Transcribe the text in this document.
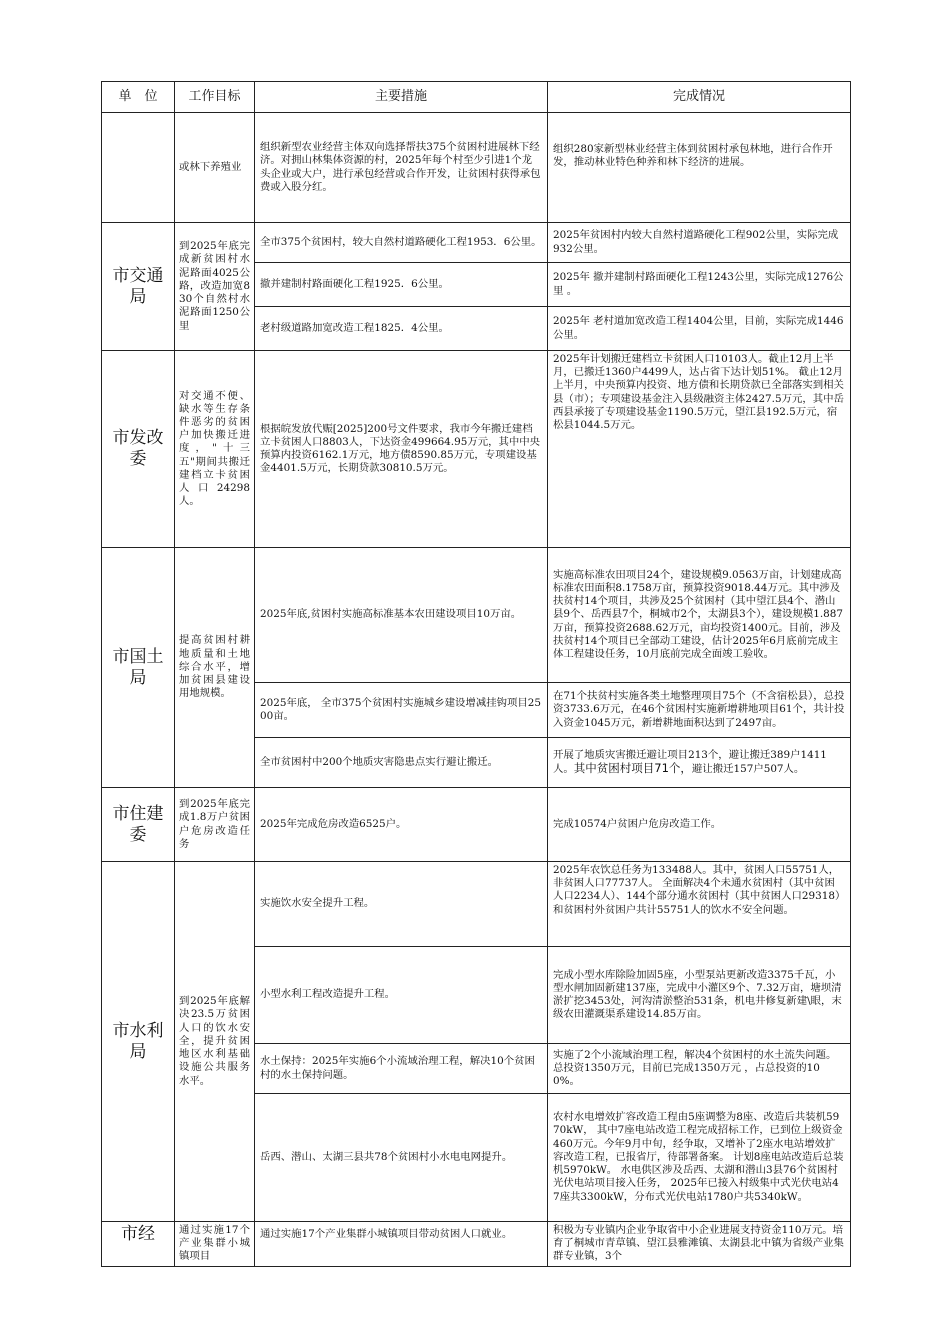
单　位	工作目标	主要措施	完成情况
	或林下养殖业	组织新型农业经营主体双向选择帮扶375个贫困村进展林下经济。对拥山林集体资源的村，2025年每个村至少引进1个龙头企业或大户，进行承包经营或合作开发，让贫困村获得承包费或入股分红。	组织280家新型林业经营主体到贫困村承包林地，进行合作开发，推动林业特色种养和林下经济的进展。
市交通局	到2025年底完成新贫困村水泥路面4025公路，改造加宽830个自然村水泥路面1250公里	全市375个贫困村，较大自然村道路硬化工程1953．6公里。	2025年贫困村内较大自然村道路硬化工程902公里，实际完成 932公里。
		撤并建制村路面硬化工程1925．6公里。	2025年 撤并建制村路面硬化工程1243公里，实际完成1276公里 。
		老村级道路加宽改造工程1825．4公里。	2025年 老村道加宽改造工程1404公里，目前，实际完成1446公里。
市发改委	对交通不便、缺水等生存条件恶劣的贫困户加快搬迁进度，"十三五"期间共搬迁建档立卡贫困人口24298人。	根据皖发放代赈[2025]200号文件要求，我市今年搬迁建档立卡贫困人口8803人，下达资金499664.95万元，其中中央预算内投资6162.1万元，地方债8590.85万元，专项建设基金4401.5万元，长期贷款30810.5万元。	2025年计划搬迁建档立卡贫困人口10103人。截止12月上半月，已搬迁1360户4499人，达占省下达计划51%。 截止12月上半月，中央预算内投资、地方债和长期贷款已全部落实到相关县（市）；专项建设基金注入县级融资主体2427.5万元，其中岳西县承接了专项建设基金1190.5万元，望江县192.5万元，宿松县1044.5万元。
市国土局	提高贫困村耕地质量和土地综合水平，增加贫困县建设用地规模。	2025年底,贫困村实施高标准基本农田建设项目10万亩。	实施高标准农田项目24个，建设规模9.0563万亩，计划建成高标准农田面积8.1758万亩，预算投资9018.44万元。其中涉及扶贫村14个项目，共涉及25个贫困村（其中望江县4个、潜山县9个、岳西县7个，桐城市2个，太湖县3个），建设规模1.887万亩，预算投资2688.62万元，亩均投资1400元。目前，涉及扶贫村14个项目已全部动工建设，估计2025年6月底前完成主体工程建设任务，10月底前完成全面竣工验收。
		2025年底， 全市375个贫困村实施城乡建设增减挂钩项目2500亩。	在71个扶贫村实施各类土地整理项目75个（不含宿松县），总投资3733.6万元，在46个贫困村实施新增耕地项目61个，共计投入资金1045万元，新增耕地面积达到了2497亩。
		全市贫困村中200个地质灾害隐患点实行避让搬迁。	开展了地质灾害搬迁避让项目213个，避让搬迁389户1411人。其中贫困村项目71个，避让搬迁157户507人。
市住建委	到2025年底完成1.8万户贫困户危房改造任务	2025年完成危房改造6525户。	完成10574户贫困户危房改造工作。
市水利局	到2025年底解决23.5万贫困人口的饮水安全，提升贫困地区水利基础设施公共服务水平。	实施饮水安全提升工程。	2025年农饮总任务为133488人。其中，贫困人口55751人，非贫困人口77737人。 全面解决4个未通水贫困村（其中贫困人口2234人）、144个部分通水贫困村（其中贫困人口29318）和贫困村外贫困户共计55751人的饮水不安全问题。
		小型水利工程改造提升工程。	完成小型水库除险加固5座，小型泵站更新改造3375千瓦，小型水闸加固新建137座，完成中小灌区9个、7.32万亩，塘坝清淤扩挖3453处，河沟清淤整治531条，机电井修复新建\眼，末级农田灌溉渠系建设14.85万亩。
		水土保持：2025年实施6个小流域治理工程，解决10个贫困村的水土保持问题。	实施了2个小流域治理工程，解决4个贫困村的水土流失问题。总投资1350万元，目前已完成1350万元 ，占总投资的100%。
		岳西、潜山、太湖三县共78个贫困村小水电电网提升。	农村水电增效扩容改造工程由5座调整为8座、改造后共装机5970kW， 其中7座电站改造工程完成招标工作，已到位上级资金460万元。今年9月中旬，经争取，又增补了2座水电站增效扩容改造工程，已报省厅，待部署备案。 计划8座电站改造后总装机5970kW。 水电供区涉及岳西、太湖和潜山3县76个贫困村光伏电站项目接入任务， 2025年已接入村级集中式光伏电站47座共3300kW，分布式光伏电站1780户共5340kW。
市经	通过实施17个产业集群小城镇项目	通过实施17个产业集群小城镇项目带动贫困人口就业。	积极为专业镇内企业争取省中小企业进展支持资金110万元。培育了桐城市青草镇、望江县雅滩镇、太湖县北中镇为省级产业集群专业镇，3个
